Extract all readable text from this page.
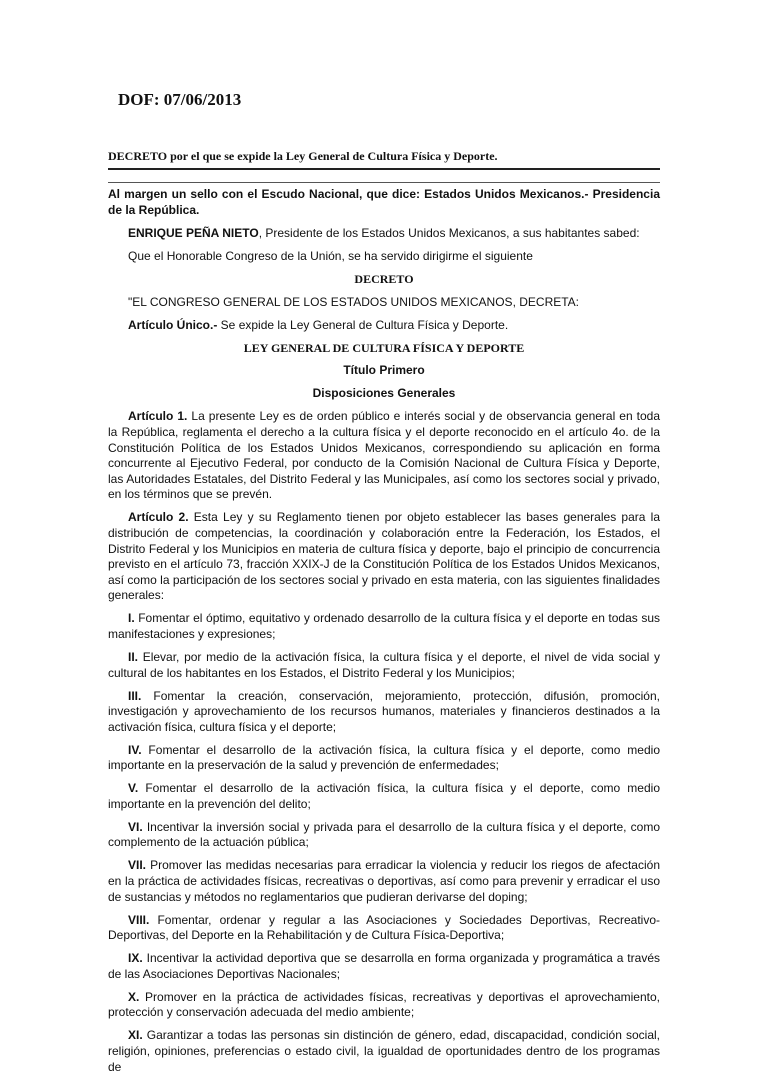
DOF: 07/06/2013
DECRETO por el que se expide la Ley General de Cultura Física y Deporte.

Al margen un sello con el Escudo Nacional, que dice: Estados Unidos Mexicanos.- Presidencia de la República.

ENRIQUE PEÑA NIETO, Presidente de los Estados Unidos Mexicanos, a sus habitantes sabed:

Que el Honorable Congreso de la Unión, se ha servido dirigirme el siguiente

DECRETO

"EL CONGRESO GENERAL DE LOS ESTADOS UNIDOS MEXICANOS, DECRETA:

Artículo Único.- Se expide la Ley General de Cultura Física y Deporte.

LEY GENERAL DE CULTURA FÍSICA Y DEPORTE

Título Primero

Disposiciones Generales

Artículo 1. La presente Ley es de orden público e interés social y de observancia general en toda la República, reglamenta el derecho a la cultura física y el deporte reconocido en el artículo 4o. de la Constitución Política de los Estados Unidos Mexicanos, correspondiendo su aplicación en forma concurrente al Ejecutivo Federal, por conducto de la Comisión Nacional de Cultura Física y Deporte, las Autoridades Estatales, del Distrito Federal y las Municipales, así como los sectores social y privado, en los términos que se prevén.

Artículo 2. Esta Ley y su Reglamento tienen por objeto establecer las bases generales para la distribución de competencias, la coordinación y colaboración entre la Federación, los Estados, el Distrito Federal y los Municipios en materia de cultura física y deporte, bajo el principio de concurrencia previsto en el artículo 73, fracción XXIX-J de la Constitución Política de los Estados Unidos Mexicanos, así como la participación de los sectores social y privado en esta materia, con las siguientes finalidades generales:

I. Fomentar el óptimo, equitativo y ordenado desarrollo de la cultura física y el deporte en todas sus manifestaciones y expresiones;

II. Elevar, por medio de la activación física, la cultura física y el deporte, el nivel de vida social y cultural de los habitantes en los Estados, el Distrito Federal y los Municipios;

III. Fomentar la creación, conservación, mejoramiento, protección, difusión, promoción, investigación y aprovechamiento de los recursos humanos, materiales y financieros destinados a la activación física, cultura física y el deporte;

IV. Fomentar el desarrollo de la activación física, la cultura física y el deporte, como medio importante en la preservación de la salud y prevención de enfermedades;

V. Fomentar el desarrollo de la activación física, la cultura física y el deporte, como medio importante en la prevención del delito;

VI. Incentivar la inversión social y privada para el desarrollo de la cultura física y el deporte, como complemento de la actuación pública;

VII. Promover las medidas necesarias para erradicar la violencia y reducir los riegos de afectación en la práctica de actividades físicas, recreativas o deportivas, así como para prevenir y erradicar el uso de sustancias y métodos no reglamentarios que pudieran derivarse del doping;

VIII. Fomentar, ordenar y regular a las Asociaciones y Sociedades Deportivas, Recreativo-Deportivas, del Deporte en la Rehabilitación y de Cultura Física-Deportiva;

IX. Incentivar la actividad deportiva que se desarrolla en forma organizada y programática a través de las Asociaciones Deportivas Nacionales;

X. Promover en la práctica de actividades físicas, recreativas y deportivas el aprovechamiento, protección y conservación adecuada del medio ambiente;

XI. Garantizar a todas las personas sin distinción de género, edad, discapacidad, condición social, religión, opiniones, preferencias o estado civil, la igualdad de oportunidades dentro de los programas de
